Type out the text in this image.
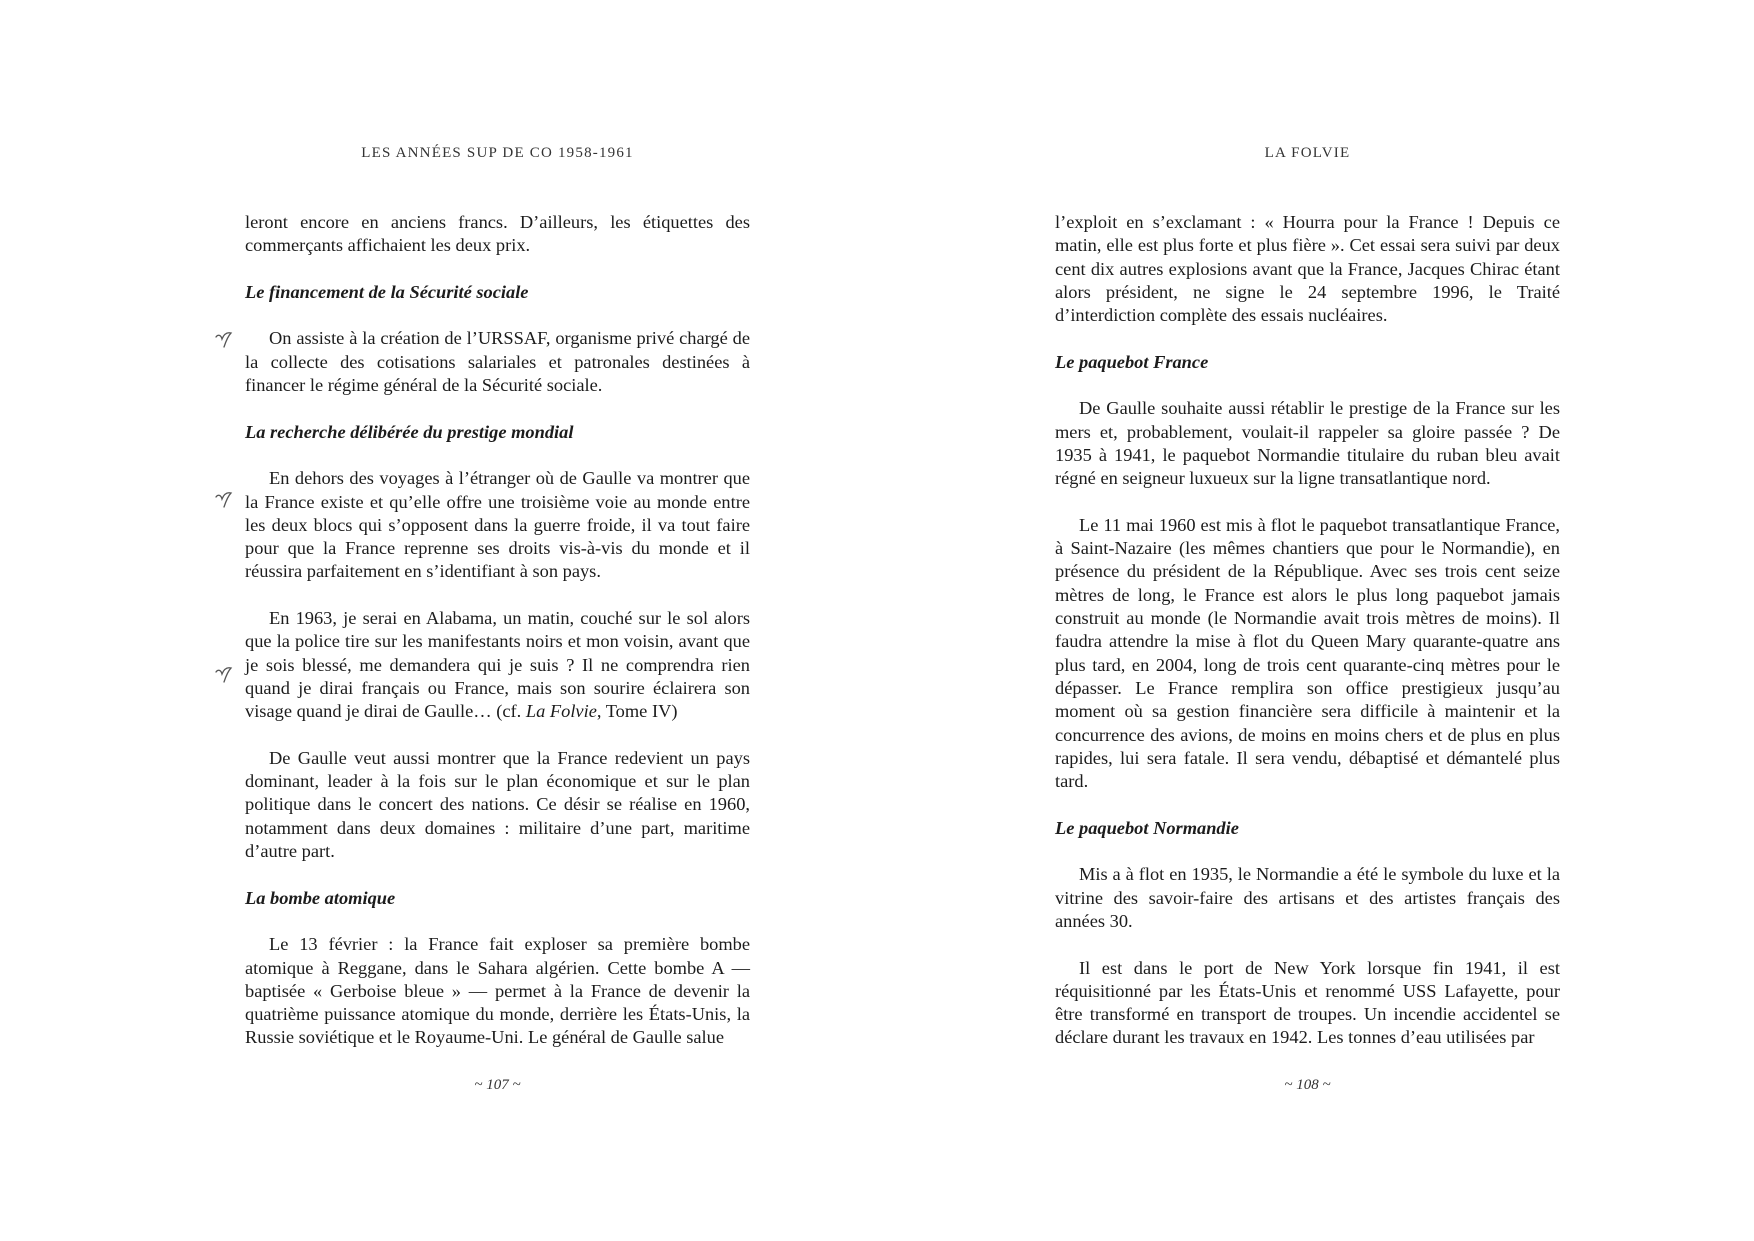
LES ANNÉES SUP DE CO 1958-1961

leront encore en anciens francs. D’ailleurs, les étiquettes des commerçants affichaient les deux prix.

Le financement de la Sécurité sociale

On assiste à la création de l’URSSAF, organisme privé chargé de la collecte des cotisations salariales et patronales destinées à financer le régime général de la Sécurité sociale.

La recherche délibérée du prestige mondial

En dehors des voyages à l’étranger où de Gaulle va montrer que la France existe et qu’elle offre une troisième voie au monde entre les deux blocs qui s’opposent dans la guerre froide, il va tout faire pour que la France reprenne ses droits vis-à-vis du monde et il réussira parfaitement en s’identifiant à son pays.

En 1963, je serai en Alabama, un matin, couché sur le sol alors que la police tire sur les manifestants noirs et mon voisin, avant que je sois blessé, me demandera qui je suis ? Il ne comprendra rien quand je dirai français ou France, mais son sourire éclairera son visage quand je dirai de Gaulle… (cf. La Folvie, Tome IV)

De Gaulle veut aussi montrer que la France redevient un pays dominant, leader à la fois sur le plan économique et sur le plan politique dans le concert des nations. Ce désir se réalise en 1960, notamment dans deux domaines : militaire d’une part, maritime d’autre part.

La bombe atomique

Le 13 février : la France fait exploser sa première bombe atomique à Reggane, dans le Sahara algérien. Cette bombe A — baptisée « Gerboise bleue » — permet à la France de devenir la quatrième puissance atomique du monde, derrière les États-Unis, la Russie soviétique et le Royaume-Uni. Le général de Gaulle salue

~ 107 ~
LA FOLVIE

l’exploit en s’exclamant : « Hourra pour la France ! Depuis ce matin, elle est plus forte et plus fière ». Cet essai sera suivi par deux cent dix autres explosions avant que la France, Jacques Chirac étant alors président, ne signe le 24 septembre 1996, le Traité d’interdiction complète des essais nucléaires.

Le paquebot France

De Gaulle souhaite aussi rétablir le prestige de la France sur les mers et, probablement, voulait-il rappeler sa gloire passée ? De 1935 à 1941, le paquebot Normandie titulaire du ruban bleu avait régné en seigneur luxueux sur la ligne transatlantique nord.

Le 11 mai 1960 est mis à flot le paquebot transatlantique France, à Saint-Nazaire (les mêmes chantiers que pour le Normandie), en présence du président de la République. Avec ses trois cent seize mètres de long, le France est alors le plus long paquebot jamais construit au monde (le Normandie avait trois mètres de moins). Il faudra attendre la mise à flot du Queen Mary quarante-quatre ans plus tard, en 2004, long de trois cent quarante-cinq mètres pour le dépasser. Le France remplira son office prestigieux jusqu’au moment où sa gestion financière sera difficile à maintenir et la concurrence des avions, de moins en moins chers et de plus en plus rapides, lui sera fatale. Il sera vendu, débaptisé et démantelé plus tard.

Le paquebot Normandie

Mis a à flot en 1935, le Normandie a été le symbole du luxe et la vitrine des savoir-faire des artisans et des artistes français des années 30.

Il est dans le port de New York lorsque fin 1941, il est réquisitionné par les États-Unis et renommé USS Lafayette, pour être transformé en transport de troupes. Un incendie accidentel se déclare durant les travaux en 1942. Les tonnes d’eau utilisées par

~ 108 ~
